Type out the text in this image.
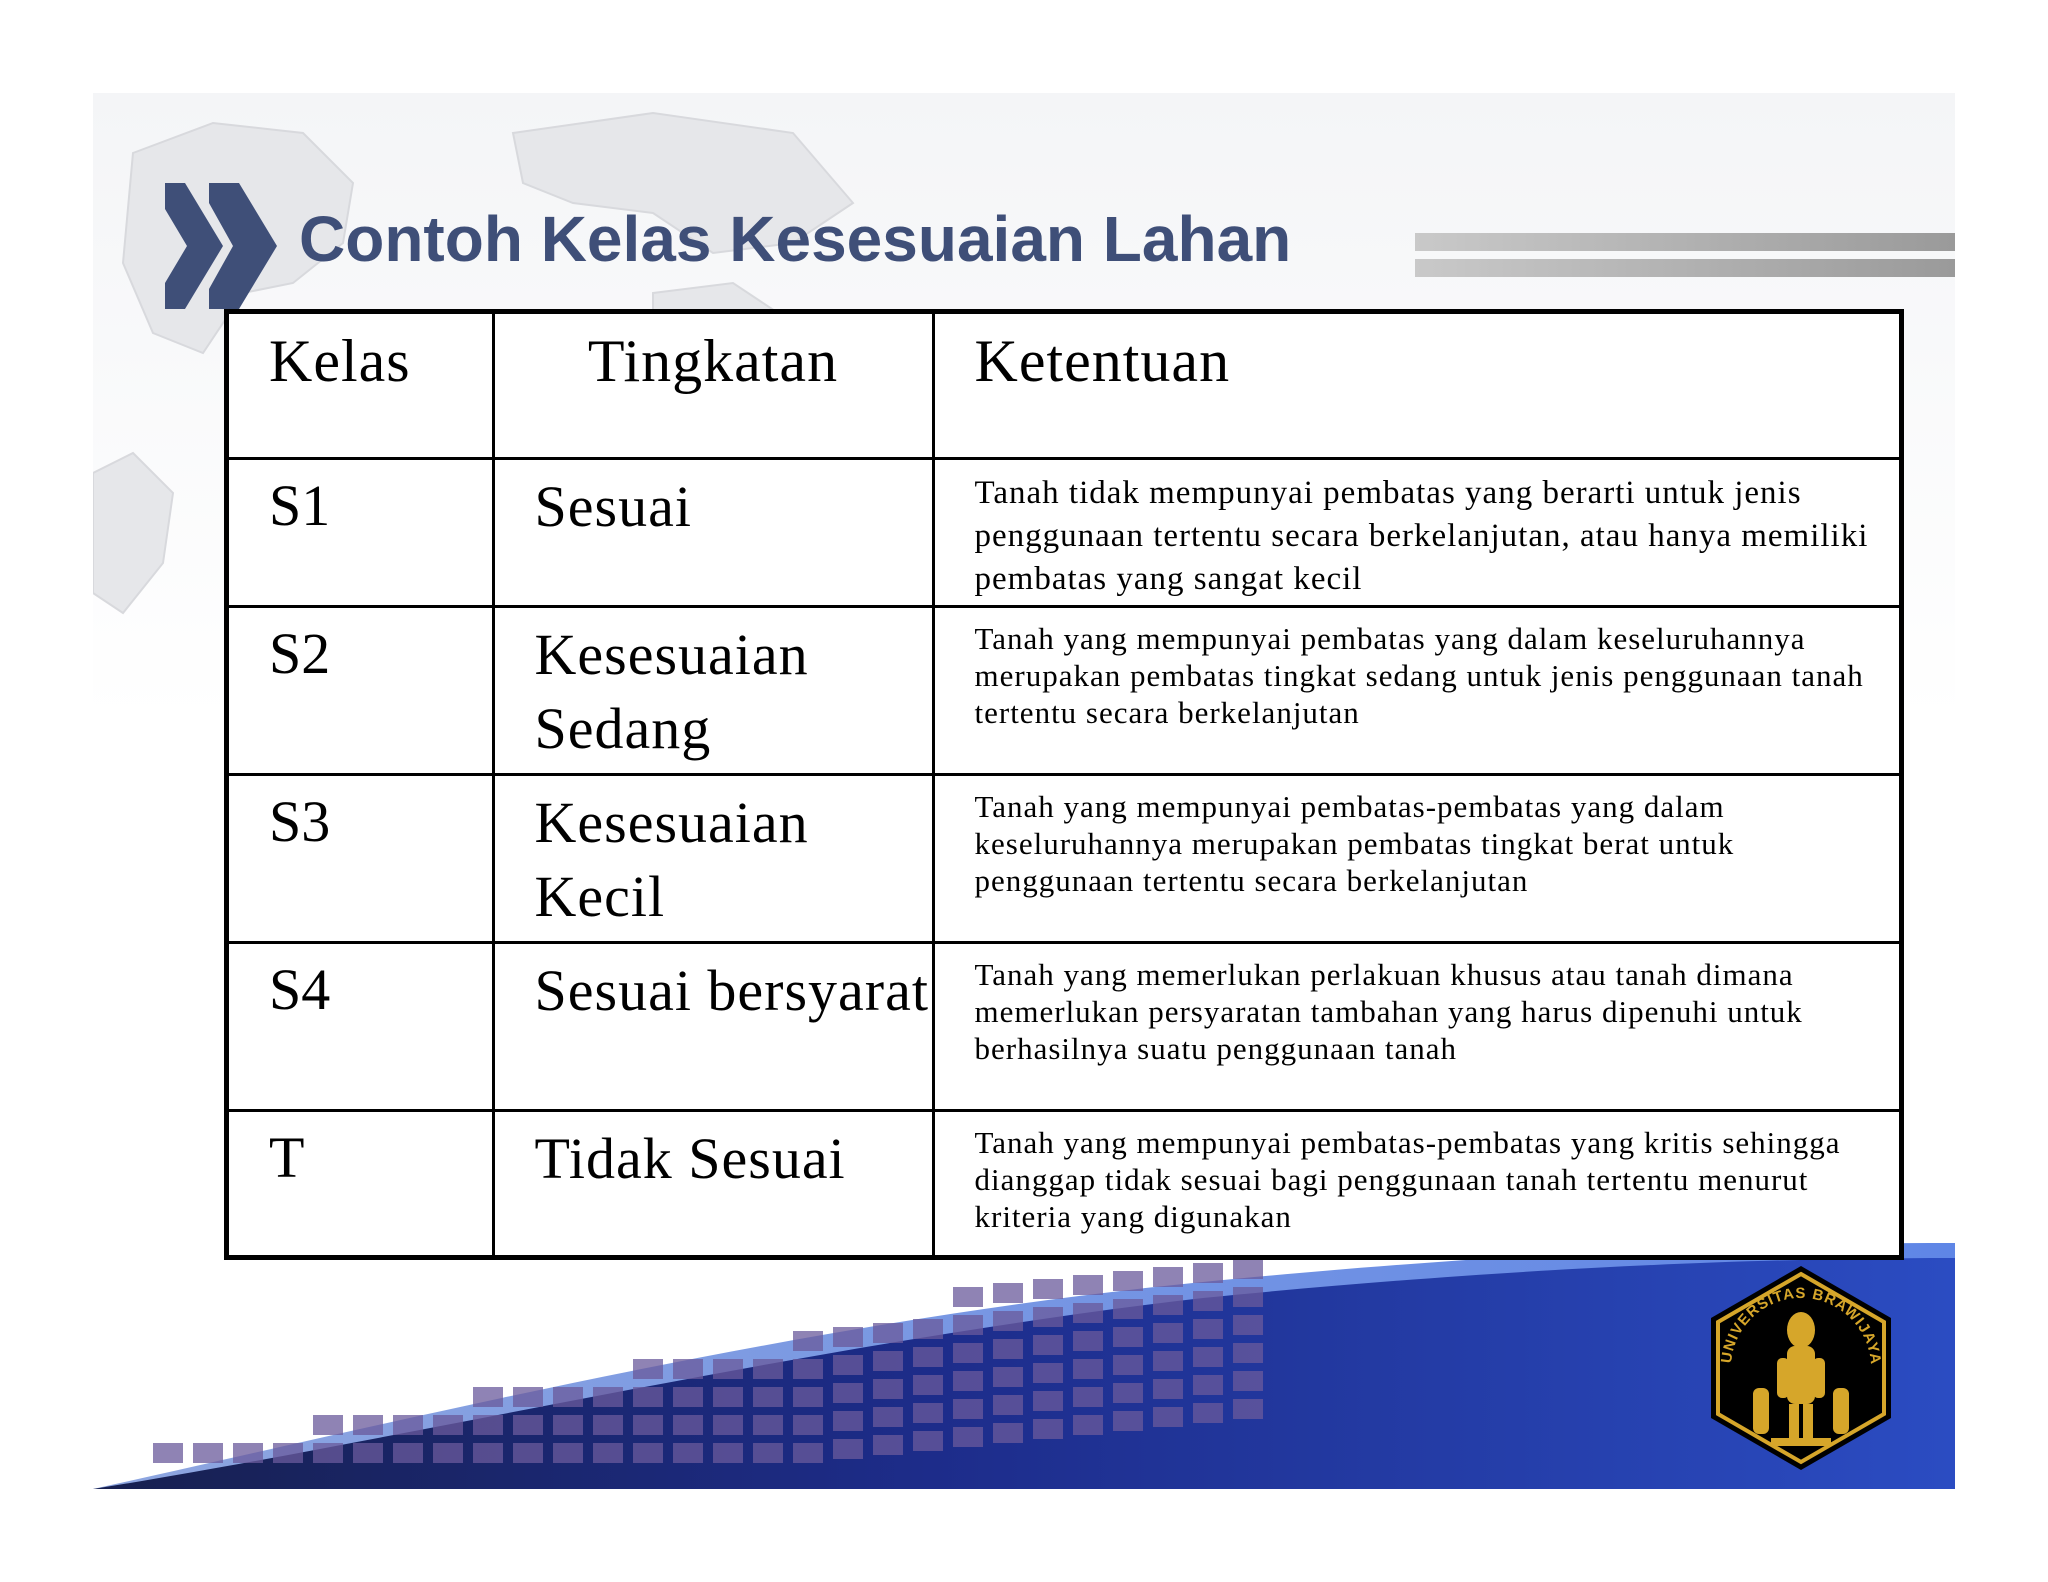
Contoh Kelas Kesesuaian Lahan
Kelas	Tingkatan	Ketentuan
S1	Sesuai	Tanah tidak mempunyai pembatas yang berarti untuk jenis penggunaan tertentu secara berkelanjutan, atau hanya memiliki pembatas yang sangat kecil
S2	Kesesuaian Sedang	Tanah yang mempunyai pembatas yang dalam keseluruhannya merupakan pembatas tingkat sedang untuk jenis penggunaan tanah tertentu secara berkelanjutan
S3	Kesesuaian Kecil	Tanah yang mempunyai pembatas-pembatas yang dalam keseluruhannya merupakan pembatas tingkat berat untuk penggunaan tertentu secara berkelanjutan
S4	Sesuai bersyarat	Tanah yang memerlukan perlakuan khusus atau tanah dimana memerlukan persyaratan tambahan yang harus dipenuhi untuk berhasilnya suatu penggunaan tanah
T	Tidak Sesuai	Tanah yang mempunyai pembatas-pembatas yang kritis sehingga dianggap tidak sesuai bagi penggunaan tanah tertentu menurut kriteria yang digunakan
UNIVERSITAS BRAWIJAYA
